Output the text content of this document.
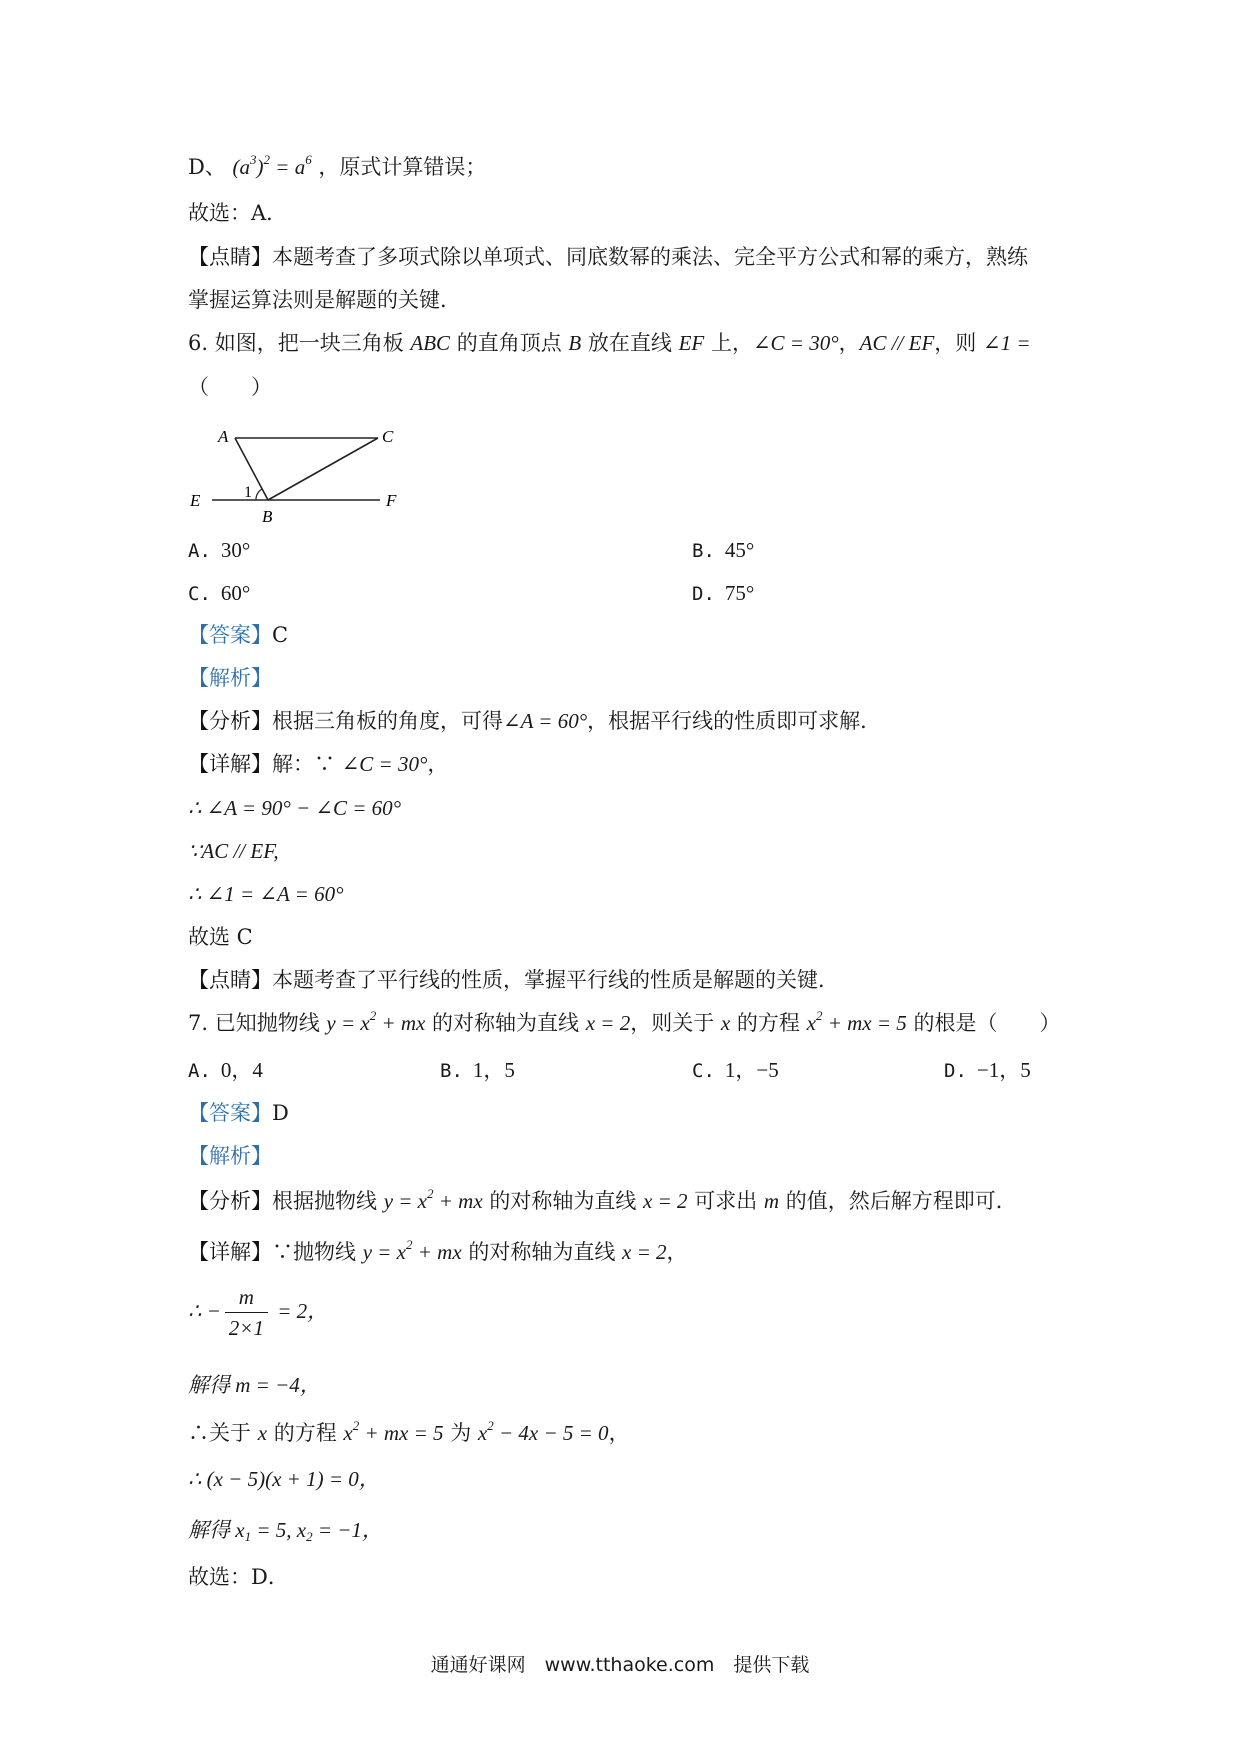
D、 $(a^3)^2 = a^6$ ，原式计算错误；
故选：A．
【点睛】本题考查了多项式除以单项式、同底数幂的乘法、完全平方公式和幂的乘方，熟练
掌握运算法则是解题的关键．
6. 如图，把一块三角板 ABC 的直角顶点 B 放在直线 EF 上，∠C = 30°，AC // EF，则 ∠1 =
（　　）
A	C
E
B
F
1
A. 30°	B. 45°
C. 60°	D. 75°
【答案】C
【解析】
【分析】根据三角板的角度，可得∠A = 60°，根据平行线的性质即可求解．
【详解】解：∵ ∠C = 30°，
∴ ∠A = 90° − ∠C = 60°
∵AC // EF,
∴ ∠1 = ∠A = 60°
故选 C
【点睛】本题考查了平行线的性质，掌握平行线的性质是解题的关键．
7. 已知抛物线 $y = x^2$ + mx 的对称轴为直线 x = 2，则关于 x 的方程 $x^2$ + mx = 5 的根是（　　）
A. 0，4	B. 1，5	C. 1，−5	D. −1，5
【答案】D
【解析】
【分析】根据抛物线 $y = x^2$ + mx 的对称轴为直线 x = 2 可求出 m 的值，然后解方程即可．
【详解】∵抛物线 $y = x^2$ + mx 的对称轴为直线 x = 2，
∴ − $\frac{m}{2\times 1} = 2$，
解得 m = −4，
∴关于 x 的方程 $x^2$ + mx = 5 为 $x^2 - 4x - 5 = 0$，
∴ (x − 5)(x + 1) = 0，
解得 $x_1 = 5$, $x_2 = -1$，
故选：D．
通通好课网　www.tthaoke.com　提供下载
